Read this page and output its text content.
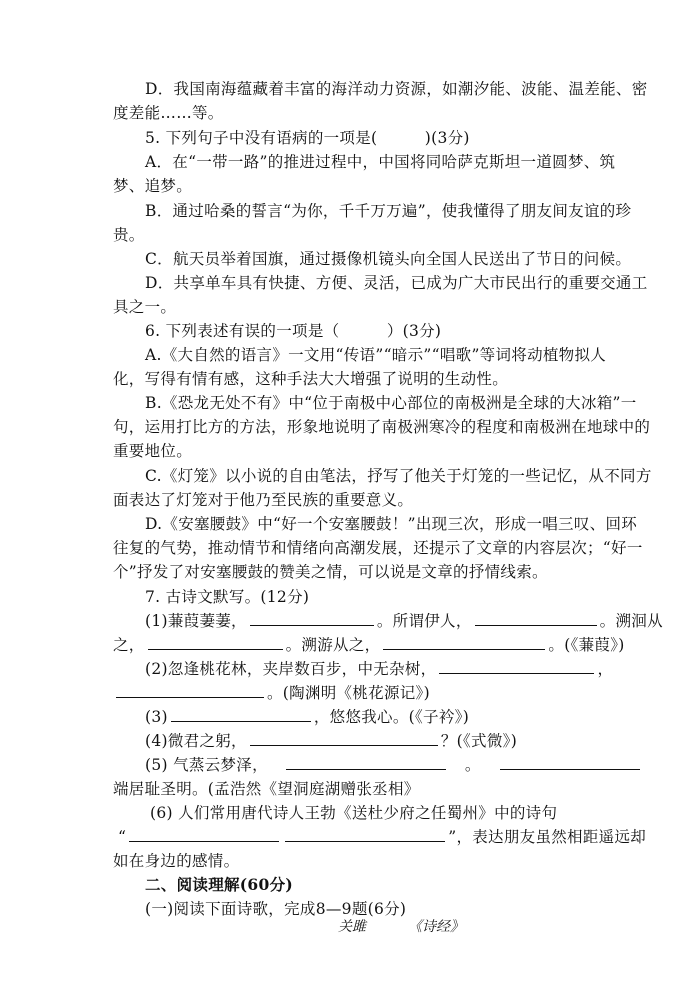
D．我国南海蕴藏着丰富的海洋动力资源，如潮汐能、波能、温差能、密
度差能……等。
5. 下列句子中没有语病的一项是(　　　)(3分)
A．在“一带一路”的推进过程中，中国将同哈萨克斯坦一道圆梦、筑
梦、追梦。
B．通过哈桑的誓言“为你，千千万万遍”，使我懂得了朋友间友谊的珍
贵。
C．航天员举着国旗，通过摄像机镜头向全国人民送出了节日的问候。
D．共享单车具有快捷、方便、灵活，已成为广大市民出行的重要交通工
具之一。
6. 下列表述有误的一项是（　　　）(3分)
A.《大自然的语言》一文用“传语”“暗示”“唱歌”等词将动植物拟人
化，写得有情有感，这种手法大大增强了说明的生动性。
B.《恐龙无处不有》中“位于南极中心部位的南极洲是全球的大冰箱”一
句，运用打比方的方法，形象地说明了南极洲寒冷的程度和南极洲在地球中的
重要地位。
C.《灯笼》以小说的自由笔法，抒写了他关于灯笼的一些记忆，从不同方
面表达了灯笼对于他乃至民族的重要意义。
D.《安塞腰鼓》中“好一个安塞腰鼓！”出现三次，形成一唱三叹、回环
往复的气势，推动情节和情绪向高潮发展，还提示了文章的内容层次；“好一
个”抒发了对安塞腰鼓的赞美之情，可以说是文章的抒情线索。
7. 古诗文默写。(12分)
(1)蒹葭萋萋，	。所谓伊人，	。溯洄从
之，	。溯游从之，	。(《蒹葭》)
(2)忽逢桃花林，夹岸数百步，中无杂树，	，
。(陶渊明《桃花源记》)
(3)	，悠悠我心。(《子衿》)
(4)微君之躬，	？(《式微》)
(5) 气蒸云梦泽，	。
端居耻圣明。(孟浩然《望洞庭湖赠张丞相》
(6) 人们常用唐代诗人王勃《送杜少府之任蜀州》中的诗句
“	”，表达朋友虽然相距遥远却
如在身边的感情。
二、阅读理解(60分)
(一)阅读下面诗歌，完成8—9题(6分)
关雎	《诗经》
